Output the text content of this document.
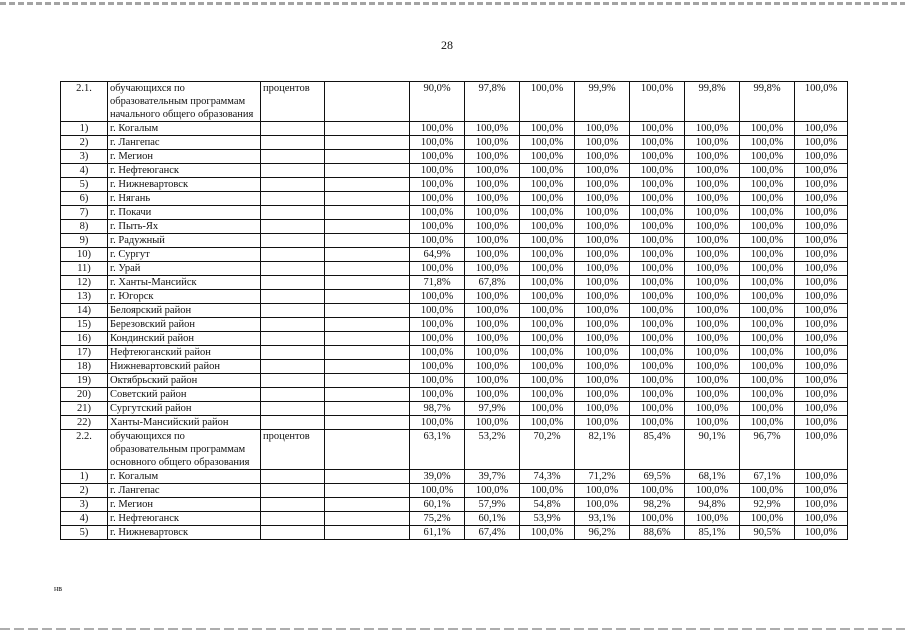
28
2.1.	обучающихся по образовательным программам начального общего образования	процентов		90,0%	97,8%	100,0%	99,9%	100,0%	99,8%	99,8%	100,0%
1)	г. Когалым			100,0%	100,0%	100,0%	100,0%	100,0%	100,0%	100,0%	100,0%
2)	г. Лангепас			100,0%	100,0%	100,0%	100,0%	100,0%	100,0%	100,0%	100,0%
3)	г. Мегион			100,0%	100,0%	100,0%	100,0%	100,0%	100,0%	100,0%	100,0%
4)	г. Нефтеюганск			100,0%	100,0%	100,0%	100,0%	100,0%	100,0%	100,0%	100,0%
5)	г. Нижневартовск			100,0%	100,0%	100,0%	100,0%	100,0%	100,0%	100,0%	100,0%
6)	г. Нягань			100,0%	100,0%	100,0%	100,0%	100,0%	100,0%	100,0%	100,0%
7)	г. Покачи			100,0%	100,0%	100,0%	100,0%	100,0%	100,0%	100,0%	100,0%
8)	г. Пыть-Ях			100,0%	100,0%	100,0%	100,0%	100,0%	100,0%	100,0%	100,0%
9)	г. Радужный			100,0%	100,0%	100,0%	100,0%	100,0%	100,0%	100,0%	100,0%
10)	г. Сургут			64,9%	100,0%	100,0%	100,0%	100,0%	100,0%	100,0%	100,0%
11)	г. Урай			100,0%	100,0%	100,0%	100,0%	100,0%	100,0%	100,0%	100,0%
12)	г. Ханты-Мансийск			71,8%	67,8%	100,0%	100,0%	100,0%	100,0%	100,0%	100,0%
13)	г. Югорск			100,0%	100,0%	100,0%	100,0%	100,0%	100,0%	100,0%	100,0%
14)	Белоярский район			100,0%	100,0%	100,0%	100,0%	100,0%	100,0%	100,0%	100,0%
15)	Березовский район			100,0%	100,0%	100,0%	100,0%	100,0%	100,0%	100,0%	100,0%
16)	Кондинский район			100,0%	100,0%	100,0%	100,0%	100,0%	100,0%	100,0%	100,0%
17)	Нефтеюганский район			100,0%	100,0%	100,0%	100,0%	100,0%	100,0%	100,0%	100,0%
18)	Нижневартовский район			100,0%	100,0%	100,0%	100,0%	100,0%	100,0%	100,0%	100,0%
19)	Октябрьский район			100,0%	100,0%	100,0%	100,0%	100,0%	100,0%	100,0%	100,0%
20)	Советский район			100,0%	100,0%	100,0%	100,0%	100,0%	100,0%	100,0%	100,0%
21)	Сургутский район			98,7%	97,9%	100,0%	100,0%	100,0%	100,0%	100,0%	100,0%
22)	Ханты-Мансийский район			100,0%	100,0%	100,0%	100,0%	100,0%	100,0%	100,0%	100,0%
2.2.	обучающихся по образовательным программам основного общего образования	процентов		63,1%	53,2%	70,2%	82,1%	85,4%	90,1%	96,7%	100,0%
1)	г. Когалым			39,0%	39,7%	74,3%	71,2%	69,5%	68,1%	67,1%	100,0%
2)	г. Лангепас			100,0%	100,0%	100,0%	100,0%	100,0%	100,0%	100,0%	100,0%
3)	г. Мегион			60,1%	57,9%	54,8%	100,0%	98,2%	94,8%	92,9%	100,0%
4)	г. Нефтеюганск			75,2%	60,1%	53,9%	93,1%	100,0%	100,0%	100,0%	100,0%
5)	г. Нижневартовск			61,1%	67,4%	100,0%	96,2%	88,6%	85,1%	90,5%	100,0%
нв
